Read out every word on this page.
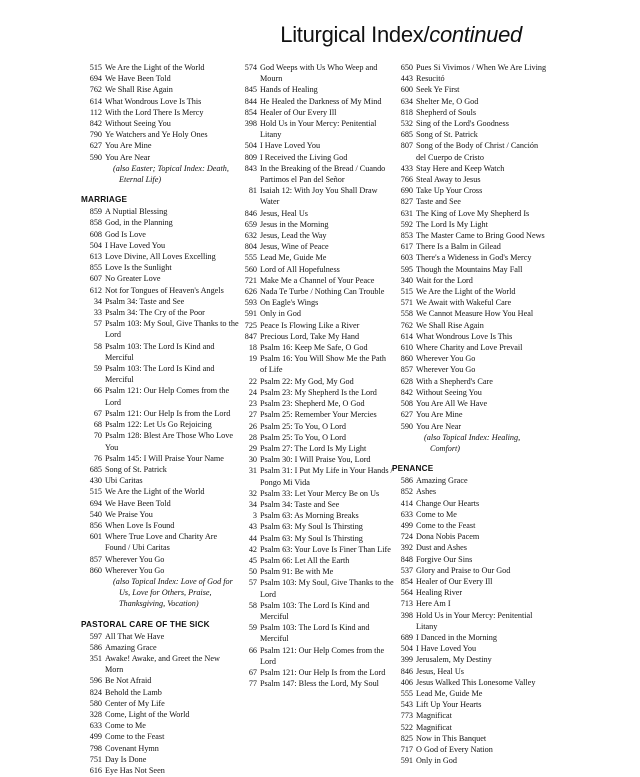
Liturgical Index/continued
515 We Are the Light of the World
694 We Have Been Told
762 We Shall Rise Again
614 What Wondrous Love Is This
112 With the Lord There Is Mercy
842 Without Seeing You
790 Ye Watchers and Ye Holy Ones
627 You Are Mine
590 You Are Near
(also Easter; Topical Index: Death, Eternal Life)
MARRIAGE
859 A Nuptial Blessing
858 God, in the Planning
608 God Is Love
504 I Have Loved You
613 Love Divine, All Loves Excelling
855 Love Is the Sunlight
607 No Greater Love
612 Not for Tongues of Heaven's Angels
34 Psalm 34: Taste and See
33 Psalm 34: The Cry of the Poor
57 Psalm 103: My Soul, Give Thanks to the Lord
58 Psalm 103: The Lord Is Kind and Merciful
59 Psalm 103: The Lord Is Kind and Merciful
66 Psalm 121: Our Help Comes from the Lord
67 Psalm 121: Our Help Is from the Lord
68 Psalm 122: Let Us Go Rejoicing
70 Psalm 128: Blest Are Those Who Love You
76 Psalm 145: I Will Praise Your Name
685 Song of St. Patrick
430 Ubi Caritas
515 We Are the Light of the World
694 We Have Been Told
540 We Praise You
856 When Love Is Found
601 Where True Love and Charity Are Found / Ubi Caritas
857 Wherever You Go
860 Wherever You Go
(also Topical Index: Love of God for Us, Love for Others, Praise, Thanksgiving, Vocation)
PASTORAL CARE OF THE SICK
597 All That We Have
586 Amazing Grace
351 Awake! Awake, and Greet the New Morn
596 Be Not Afraid
824 Behold the Lamb
580 Center of My Life
328 Come, Light of the World
633 Come to Me
499 Come to the Feast
798 Covenant Hymn
751 Day Is Done
616 Eye Has Not Seen
574 God Weeps with Us Who Weep and Mourn
845 Hands of Healing
844 He Healed the Darkness of My Mind
854 Healer of Our Every Ill
398 Hold Us in Your Mercy: Penitential Litany
504 I Have Loved You
809 I Received the Living God
843 In the Breaking of the Bread / Cuando Partimos el Pan del Señor
81 Isaiah 12: With Joy You Shall Draw Water
846 Jesus, Heal Us
659 Jesus in the Morning
632 Jesus, Lead the Way
804 Jesus, Wine of Peace
555 Lead Me, Guide Me
560 Lord of All Hopefulness
721 Make Me a Channel of Your Peace
626 Nada Te Turbe / Nothing Can Trouble
593 On Eagle's Wings
591 Only in God
725 Peace Is Flowing Like a River
847 Precious Lord, Take My Hand
18 Psalm 16: Keep Me Safe, O God
19 Psalm 16: You Will Show Me the Path of Life
22 Psalm 22: My God, My God
24 Psalm 23: My Shepherd Is the Lord
23 Psalm 23: Shepherd Me, O God
27 Psalm 25: Remember Your Mercies
26 Psalm 25: To You, O Lord
28 Psalm 25: To You, O Lord
29 Psalm 27: The Lord Is My Light
30 Psalm 30: I Will Praise You, Lord
31 Psalm 31: I Put My Life in Your Hands / Pongo Mi Vida
32 Psalm 33: Let Your Mercy Be on Us
34 Psalm 34: Taste and See
3 Psalm 63: As Morning Breaks
43 Psalm 63: My Soul Is Thirsting
44 Psalm 63: My Soul Is Thirsting
42 Psalm 63: Your Love Is Finer Than Life
45 Psalm 66: Let All the Earth
50 Psalm 91: Be with Me
57 Psalm 103: My Soul, Give Thanks to the Lord
58 Psalm 103: The Lord Is Kind and Merciful
59 Psalm 103: The Lord Is Kind and Merciful
66 Psalm 121: Our Help Comes from the Lord
67 Psalm 121: Our Help Is from the Lord
77 Psalm 147: Bless the Lord, My Soul
650 Pues Si Vivimos / When We Are Living
443 Resucitó
600 Seek Ye First
634 Shelter Me, O God
818 Shepherd of Souls
532 Sing of the Lord's Goodness
685 Song of St. Patrick
807 Song of the Body of Christ / Canción del Cuerpo de Cristo
433 Stay Here and Keep Watch
766 Steal Away to Jesus
690 Take Up Your Cross
827 Taste and See
631 The King of Love My Shepherd Is
592 The Lord Is My Light
853 The Master Came to Bring Good News
617 There Is a Balm in Gilead
603 There's a Wideness in God's Mercy
595 Though the Mountains May Fall
340 Wait for the Lord
515 We Are the Light of the World
571 We Await with Wakeful Care
558 We Cannot Measure How You Heal
762 We Shall Rise Again
614 What Wondrous Love Is This
610 Where Charity and Love Prevail
860 Wherever You Go
857 Wherever You Go
628 With a Shepherd's Care
842 Without Seeing You
508 You Are All We Have
627 You Are Mine
590 You Are Near
(also Topical Index: Healing, Comfort)
PENANCE
586 Amazing Grace
852 Ashes
414 Change Our Hearts
633 Come to Me
499 Come to the Feast
724 Dona Nobis Pacem
392 Dust and Ashes
848 Forgive Our Sins
537 Glory and Praise to Our God
854 Healer of Our Every Ill
564 Healing River
713 Here Am I
398 Hold Us in Your Mercy: Penitential Litany
689 I Danced in the Morning
504 I Have Loved You
399 Jerusalem, My Destiny
846 Jesus, Heal Us
406 Jesus Walked This Lonesome Valley
555 Lead Me, Guide Me
543 Lift Up Your Hearts
773 Magnificat
522 Magnificat
825 Now in This Banquet
717 O God of Every Nation
591 Only in God
